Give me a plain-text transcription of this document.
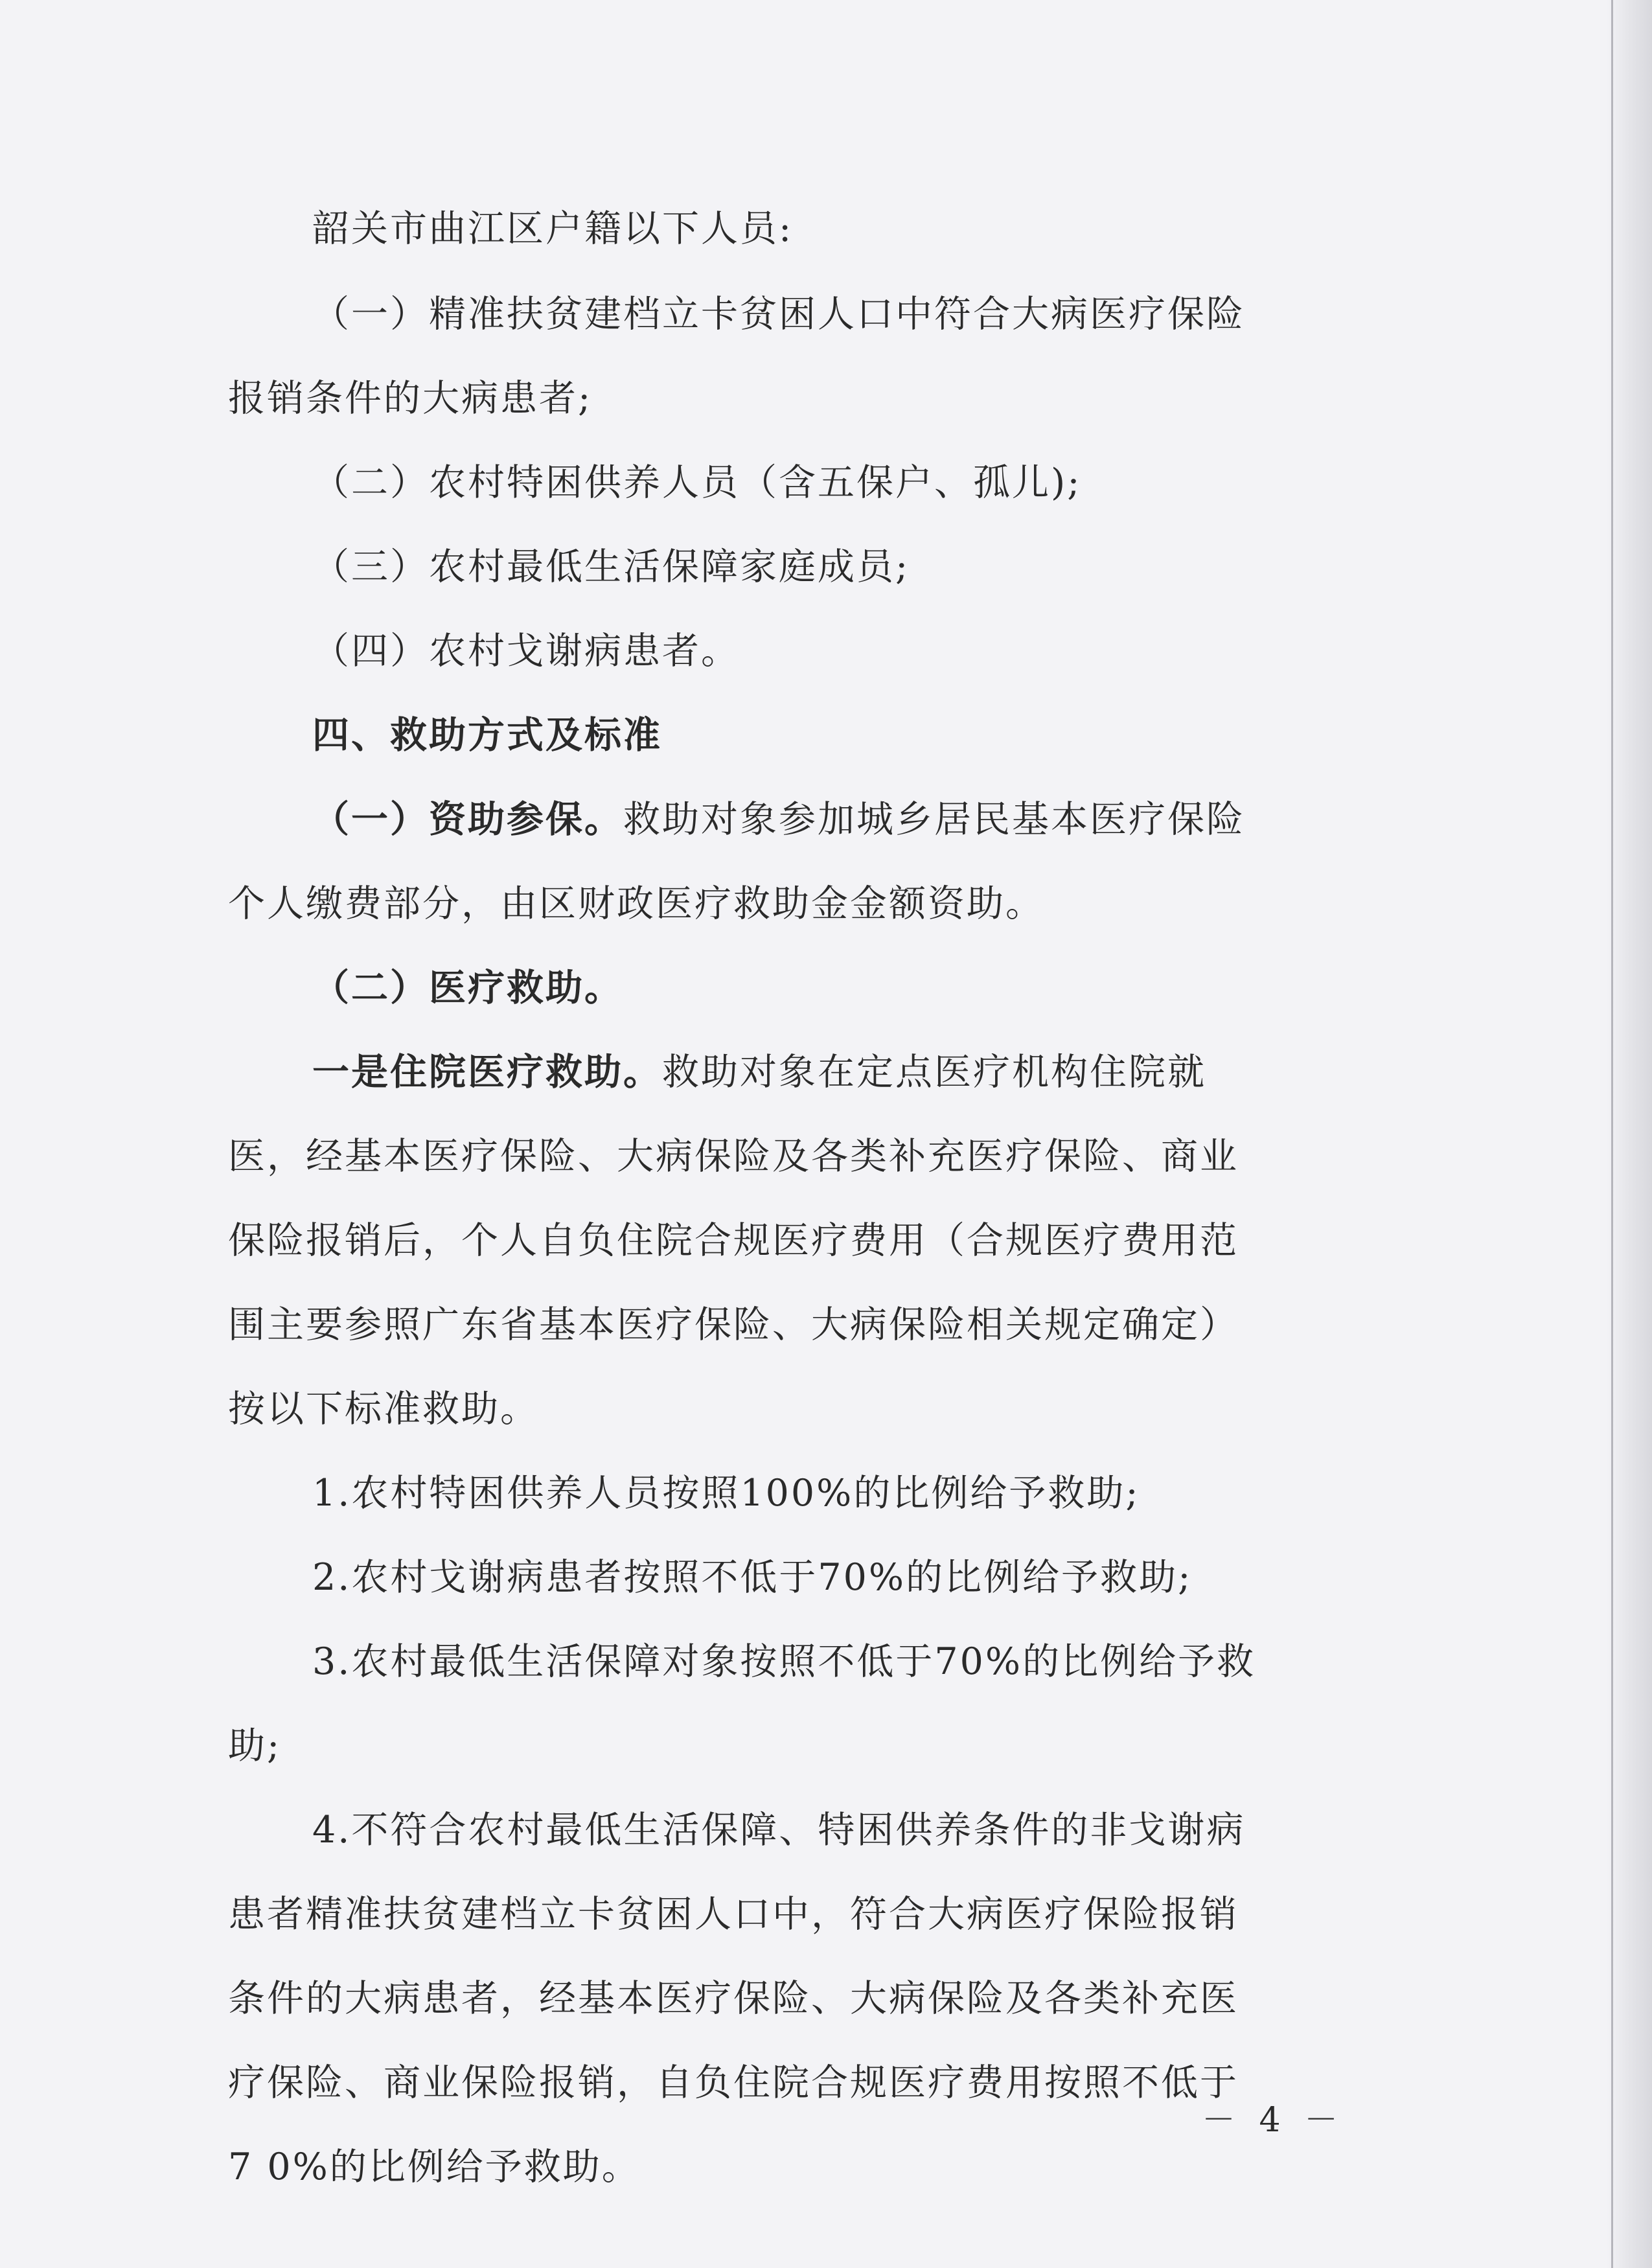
韶关市曲江区户籍以下人员:
（一）精准扶贫建档立卡贫困人口中符合大病医疗保险
报销条件的大病患者;
（二）农村特困供养人员（含五保户、孤儿);
（三）农村最低生活保障家庭成员;
（四）农村戈谢病患者。
四、救助方式及标准
（一）资助参保。救助对象参加城乡居民基本医疗保险
个人缴费部分，由区财政医疗救助金金额资助。
（二）医疗救助。
一是住院医疗救助。救助对象在定点医疗机构住院就
医，经基本医疗保险、大病保险及各类补充医疗保险、商业
保险报销后，个人自负住院合规医疗费用（合规医疗费用范
围主要参照广东省基本医疗保险、大病保险相关规定确定）
按以下标准救助。
1.农村特困供养人员按照100%的比例给予救助;
2.农村戈谢病患者按照不低于70%的比例给予救助;
3.农村最低生活保障对象按照不低于70%的比例给予救
助;
4.不符合农村最低生活保障、特困供养条件的非戈谢病
患者精准扶贫建档立卡贫困人口中，符合大病医疗保险报销
条件的大病患者，经基本医疗保险、大病保险及各类补充医
疗保险、商业保险报销，自负住院合规医疗费用按照不低于
7 0%的比例给予救助。
－ 4 －
